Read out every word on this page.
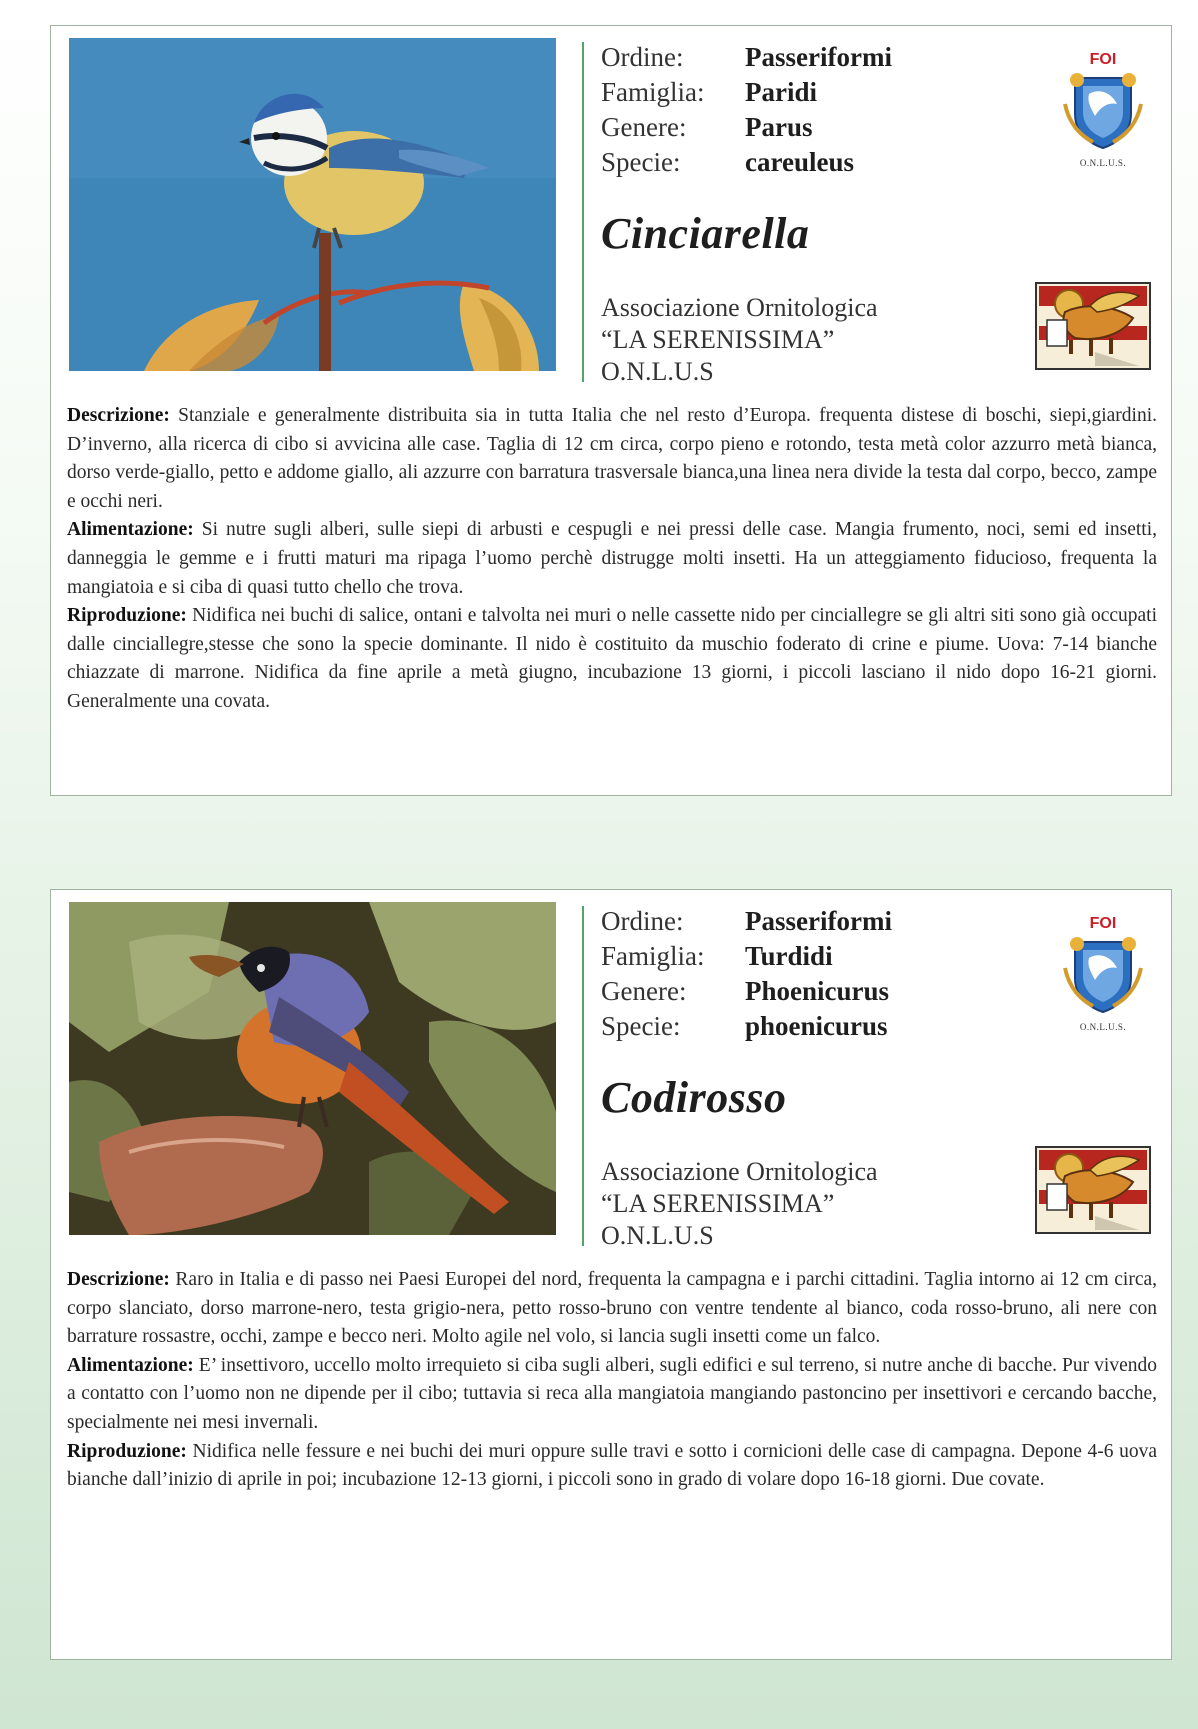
Ordine:	Passeriformi
Famiglia:	Paridi
Genere:	Parus
Specie:	careuleus
Cinciarella
Associazione Ornitologica
“LA SERENISSIMA”
O.N.L.U.S
FOI
O.N.L.U.S.

Descrizione: Stanziale e generalmente distribuita sia in tutta Italia che nel resto d’Europa. frequenta distese di boschi, siepi,giardini. D’inverno, alla ricerca di cibo si avvicina alle case. Taglia di 12 cm circa, corpo pieno e rotondo, testa metà color azzurro metà bianca, dorso verde-giallo, petto e addome giallo, ali azzurre con barratura trasversale bianca,una linea nera divide la testa dal corpo, becco, zampe e occhi neri.

Alimentazione: Si nutre sugli alberi, sulle siepi di arbusti e cespugli e nei pressi delle case. Mangia frumento, noci, semi ed insetti, danneggia le gemme e i frutti maturi ma ripaga l’uomo perchè distrugge molti insetti. Ha un atteggiamento fiducioso, frequenta la mangiatoia e si ciba di quasi tutto chello che trova.

Riproduzione: Nidifica nei buchi di salice, ontani e talvolta nei muri o nelle cassette nido per cinciallegre se gli altri siti sono già occupati dalle cinciallegre,stesse che sono la specie dominante. Il nido è costituito da muschio foderato di crine e piume. Uova: 7-14 bianche chiazzate di marrone. Nidifica da fine aprile a metà giugno, incubazione 13 giorni, i piccoli lasciano il nido dopo 16-21 giorni. Generalmente una covata.

Ordine:	Passeriformi
Famiglia:	Turdidi
Genere:	Phoenicurus
Specie:	phoenicurus
Codirosso
Associazione Ornitologica
“LA SERENISSIMA”
O.N.L.U.S
FOI
O.N.L.U.S.

Descrizione: Raro in Italia e di passo nei Paesi Europei del nord, frequenta la campagna e i parchi cittadini. Taglia intorno ai 12 cm circa, corpo slanciato, dorso marrone-nero, testa grigio-nera, petto rosso-bruno con ventre tendente al bianco, coda rosso-bruno, ali nere con barrature rossastre, occhi, zampe e becco neri. Molto agile nel volo, si lancia sugli insetti come un falco.

Alimentazione: E’ insettivoro, uccello molto irrequieto si ciba sugli alberi, sugli edifici e sul terreno, si nutre anche di bacche. Pur vivendo a contatto con l’uomo non ne dipende per il cibo; tuttavia si reca alla mangiatoia mangiando pastoncino per insettivori e cercando bacche, specialmente nei mesi invernali.

Riproduzione: Nidifica nelle fessure e nei buchi dei muri oppure sulle travi e sotto i cornicioni delle case di campagna. Depone 4-6 uova bianche dall’inizio di aprile in poi; incubazione 12-13 giorni, i piccoli sono in grado di volare dopo 16-18 giorni. Due covate.
